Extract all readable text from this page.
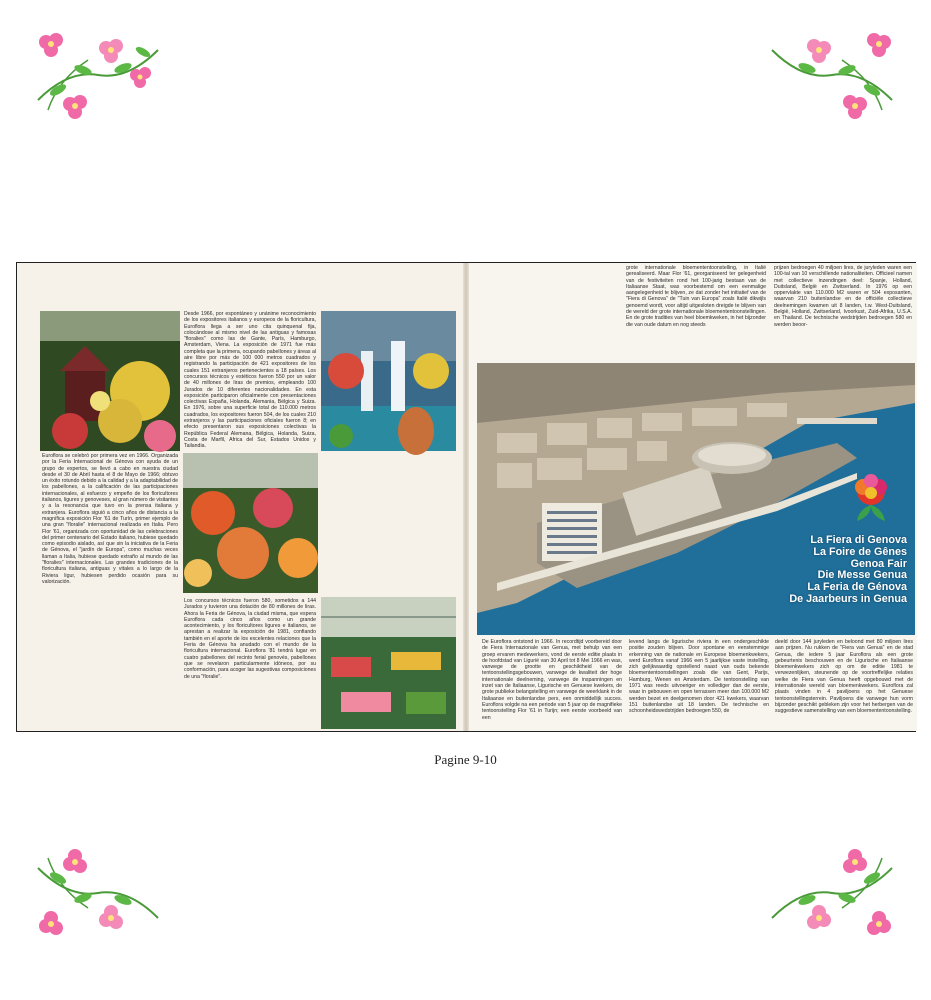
Desde 1966, por espontáneo y unánime reconocimiento de los expositores italianos y europeos de la floricultura, Euroflora llega a ser uno cita quinquenal fija, colocándose al mismo nivel de las antiguas y famosas "floralies" como las de Gante, París, Hamburgo, Amsterdam, Viena. La exposición de 1971 fue más completa que la primera, ocupando pabellones y áreas al aire libre por más de 100 000 metros cuadrados y registrando la participación de 421 expositores de los cuales 151 extranjeros pertenecientes a 18 países. Los concursos técnicos y estéticos fueron 550 por un valor de 40 millones de liras de premios, empleando 100 Jurados de 10 diferentes nacionalidades. En esta exposición participaron oficialmente con presentaciones colectivas España, Holanda, Alemania, Bélgica y Suiza. En 1976, sobre una superficie total de 110.000 metros cuadrados, los expositores fueron 504, de los cuales 210 extranjeros y las participaciones oficiales fueron 8; en efecto presentaron sus exposiciones colectivas la República Federal Alemana, Bélgica, Holanda, Suiza, Costa de Marfil, Africa del Sur, Estados Unidos y Tailandia.

Euroflora se celebró por primera vez en 1966. Organizada por la Feria Internacional de Génova con ayuda de un grupo de expertos, se llevó a cabo en nuestra ciudad desde el 30 de Abril hasta el 8 de Mayo de 1966; obtuvo un éxito rotundo debido a la calidad y a la adaptabilidad de los pabellones, a la calificación de las participaciones internacionales, al esfuerzo y empeño de los floricultores italianos, ligures y genoveses, al gran número de visitantes y a la resonancia que tuvo en la prensa italiana y extranjera. Euroflora siguió a cinco años de distancia a la magnífica exposición Flor '61 de Turín, primer ejemplo de una gran "floralie" internacional realizada en Italia. Pero Flor '61, organizada con oportunidad de las celebraciones del primer centenario del Estado italiano, hubiese quedado como episodio aislado, así que sin la iniciativa de la Feria de Génova, el "jardín de Europa", como muchas veces llaman a Italia, hubiese quedado extraño al mundo de las "floralies" internacionales. Las grandes tradiciones de la floricultura italiana, antiguas y vitales a lo largo de la Riviera ligur, hubiesen perdido ocasión para su valorización.

Los concursos técnicos fueron 580, sometidos a 144 Jurados y tuvieron una dotación de 80 millones de liras. Ahora la Feria de Génova, la ciudad misma, que espera Euroflora cada cinco años como un grande acontecimiento, y los floricultores ligures e italianos, se aprestan a realizar la exposición de 1981, confiando también en el aporte de los excelentes relaciones que la Feria de Génova ha anudado con el mundo de la floricultura internacional. Euroflora '81 tendrá lugar en cuatro pabellones del recinto ferial genovés, pabellones que se revelaron particularmente idóneos, por su conformación, para acoger las sugestivas composiciones de una "floralie".

grote internationale bloemententoonstelling, in Italië gerealiseerd. Maar Flor '61, georganiseerd ter gelegenheid van de festiviteiten rond het 100-jarig bestaan van de Italiaanse Staat, was voorbestemd om een eenmalige aangelegenheid te blijven, ze dat zonder het initiatief van de "Fiera di Genova" de "Tuin van Europa" zoals Italië dikwijls genoemd wordt, voor altijd uitgesloten dreigde te blijven van de wereld der grote internationale bloemententoonstellingen. En de grote tradities van heel bloemkweken, in het bijzonder die van oude datum en nog steeds

prijzen bedroegen 40 miljoen lires, de juryleden waren een 100-tal van 10 verschillende nationaliteiten. Officieel namen met collectieve inzendingen deel: Spanje, Holland, Duitsland, België en Zwitserland. In 1976 op een oppervlakte van 110.000 M2 waren er 504 exposanten, waarvan 210 buitenlandse en de officiële collectieve deelnemingen kwamen uit 8 landen, t.w. West-Duitsland, België, Holland, Zwitserland, Ivoorkust, Zuid-Afrika, U.S.A. en Thailand. De technische wedstrijden bedroegen 580 en werden beoor-

La Fiera di Genova
La Foire de Gênes
Genoa Fair
Die Messe Genua
La Feria de Génova
De Jaarbeurs in Genua

De Euroflora ontstond in 1966. In recordtijd voorbereid door de Fiera Internazionale van Genua, met behulp van een groep ervaren medewerkers, vond de eerste editie plaats in de hoofdstad van Ligurië van 30 April tot 8 Mei 1966 en was, vanwege de grootte en geschiktheid van de tentoonstellingsgebouwen, vanwege de kwaliteit der hoge internationale deelneming, vanwege de inspanningen en inzet van de Italiaanse, Ligurische en Genuese kwekers, de grote publieke belangstelling en vanwege de weerklank in de Italiaanse en buitenlandse pers, een onmiddellijk succes. Euroflora volgde na een periode van 5 jaar op de magnifieke tentoonstelling Flor '61 in Turijn; een eerste voorbeeld van een

levend langs de ligurische riviera in een ondergeschikte positie zouden blijven. Door spontane en eenstemmige erkenning van de nationale en Europese bloemenkwekers, werd Euroflora vanaf 1966 een 5 jaarlijkse vaste instelling, zich gelijkwaardig opstellend naast van ouds bekende bloemententoonstellingen zoals die van Gent, Parijs, Hamburg, Wenen en Amsterdam. De tentoonstelling van 1971 was reeds uitvoeriger en vollediger dan de eerste, waar in gebouwen en open terrassen meer dan 100.000 M2 werden bezet en deelgenomen door 421 kwekers, waarvan 151 buitenlandse uit 18 landen. De technische en schoonheidswedstrijden bedroegen 550, de

deeld door 144 juryleden en beloond met 80 miljoen lires aan prijzen. Nu rukken de "Fiera van Genua" en de stad Genua, die iedere 5 jaar Euroflora als een grote gebeurtenis beschouwen en de Ligurische en Italiaanse bloemenkwekers zich op om de editie 1981 te verwezenlijken, steunende op de voortreffelijke relaties welke de Fiera van Genua heeft opgebouwd met de internationale wereld van bloemenkwekers. Euroflora zal plaats vinden in 4 paviljoens op het Genuese tentoonstellingsterrein. Paviljoens die vanwege hun vorm bijzonder geschikt gebleken zijn voor het herbergen van de suggestieve samenstelling van een bloemententoonstelling.

Pagine 9-10
